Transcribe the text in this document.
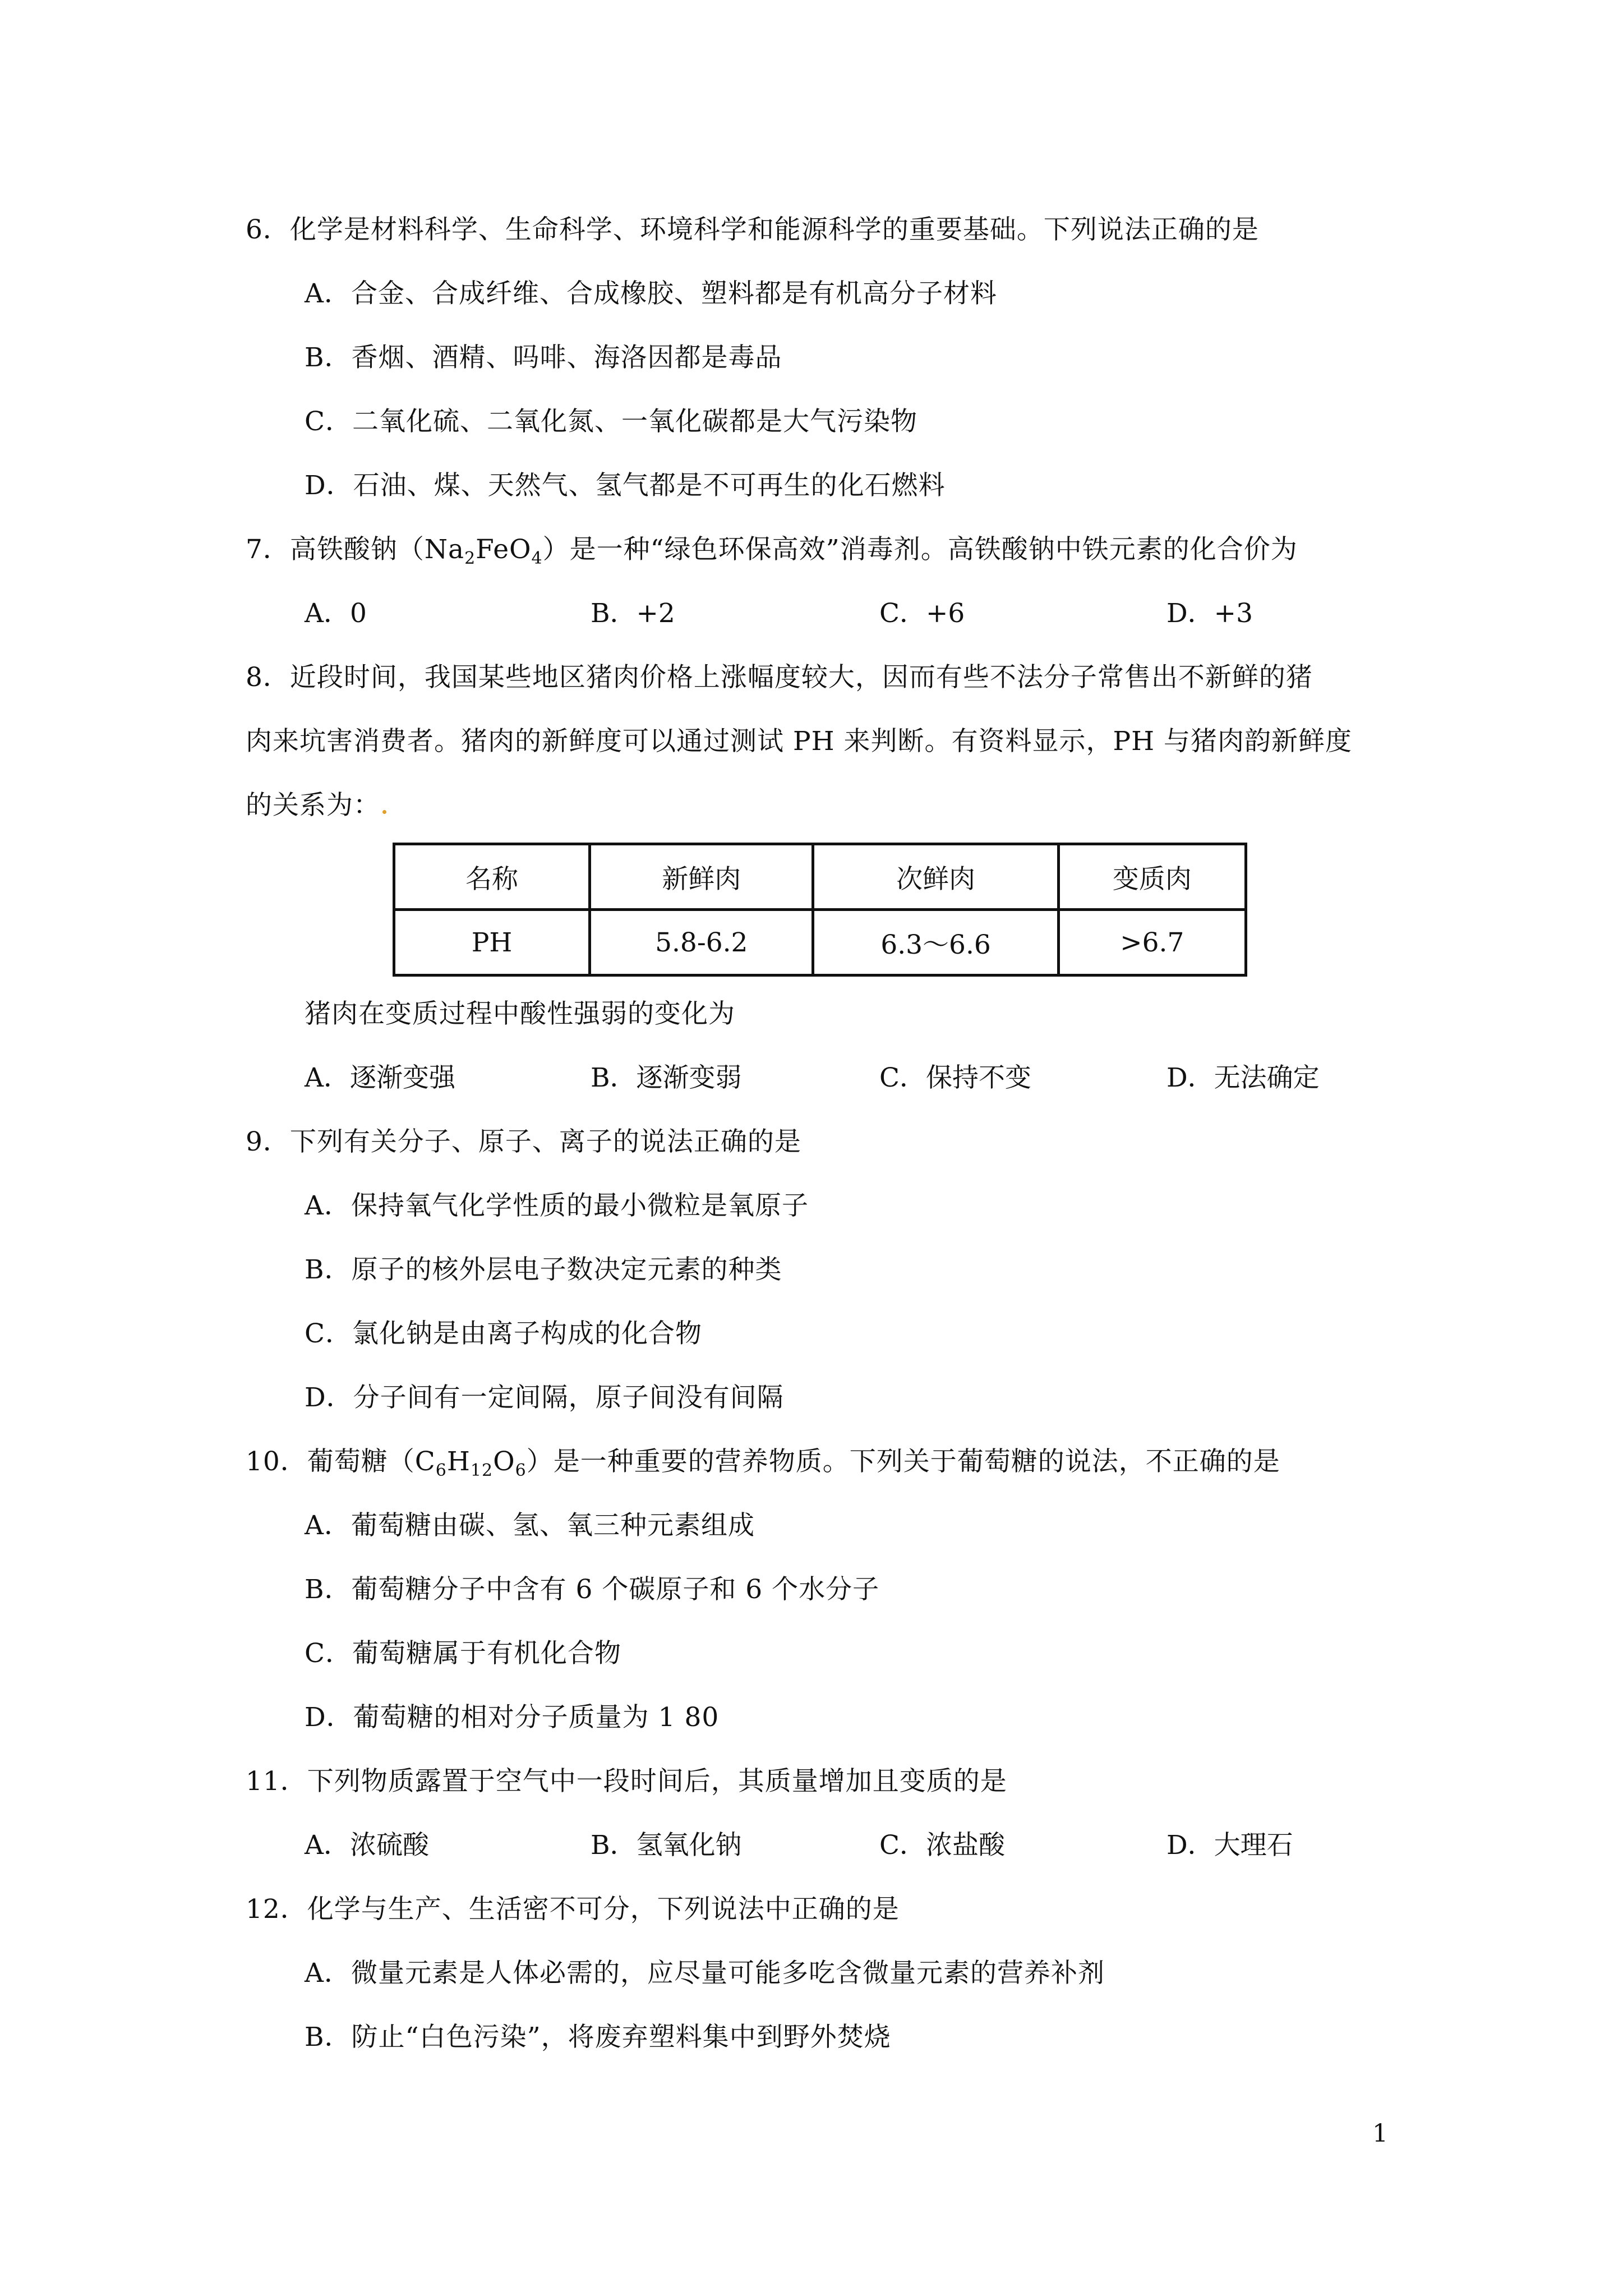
6．化学是材料科学、生命科学、环境科学和能源科学的重要基础。下列说法正确的是
A．合金、合成纤维、合成橡胶、塑料都是有机高分子材料
B．香烟、酒精、吗啡、海洛因都是毒品
C．二氧化硫、二氧化氮、一氧化碳都是大气污染物
D．石油、煤、天然气、氢气都是不可再生的化石燃料
7．高铁酸钠$(Na_2FeO_4)$是一种“绿色环保高效”消毒剂。高铁酸钠中铁元素的化合价为
A．0	B．+2	C．+6	D．+3
8．近段时间，我国某些地区猪肉价格上涨幅度较大，因而有些不法分子常售出不新鲜的猪
肉来坑害消费者。猪肉的新鲜度可以通过测试 PH 来判断。有资料显示，PH 与猪肉韵新鲜度
的关系为：
名称	新鲜肉	次鲜肉	变质肉
PH	5.8-6.2	6.3～6.6	>6.7
猪肉在变质过程中酸性强弱的变化为
A．逐渐变强	B．逐渐变弱	C．保持不变	D．无法确定
9．下列有关分子、原子、离子的说法正确的是
A．保持氧气化学性质的最小微粒是氧原子
B．原子的核外层电子数决定元素的种类
C．氯化钠是由离子构成的化合物
D．分子间有一定间隔，原子间没有间隔
10．葡萄糖$(C_6H_{12}O_6)$是一种重要的营养物质。下列关于葡萄糖的说法，不正确的是
A．葡萄糖由碳、氢、氧三种元素组成
B．葡萄糖分子中含有 6 个碳原子和 6 个水分子
C．葡萄糖属于有机化合物
D．葡萄糖的相对分子质量为 1 80
11．下列物质露置于空气中一段时间后，其质量增加且变质的是
A．浓硫酸	B．氢氧化钠	C．浓盐酸	D．大理石
12．化学与生产、生活密不可分，下列说法中正确的是
A．微量元素是人体必需的，应尽量可能多吃含微量元素的营养补剂
B．防止“白色污染”，将废弃塑料集中到野外焚烧
1
